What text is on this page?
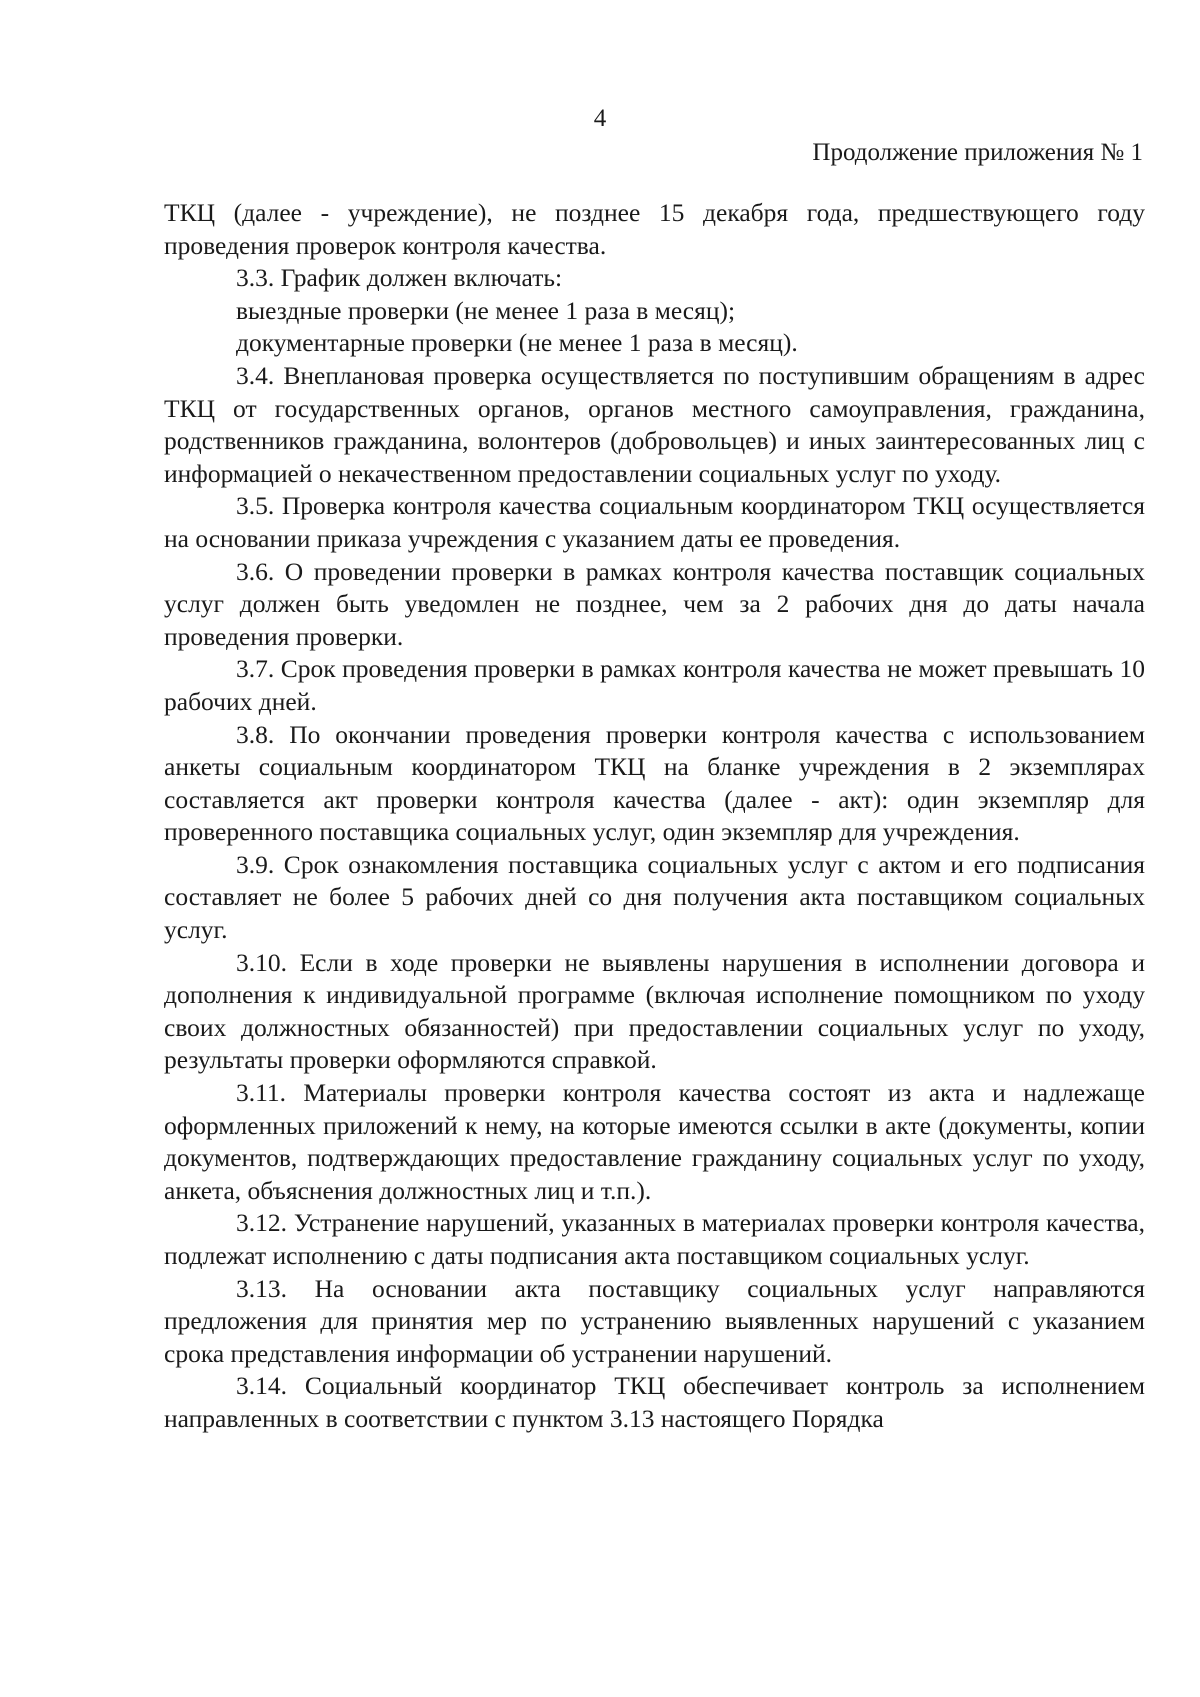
4
Продолжение приложения № 1

ТКЦ (далее - учреждение), не позднее 15 декабря года, предшествующего году проведения проверок контроля качества.

3.3. График должен включать:

выездные проверки (не менее 1 раза в месяц);

документарные проверки (не менее 1 раза в месяц).

3.4. Внеплановая проверка осуществляется по поступившим обращениям в адрес ТКЦ от государственных органов, органов местного самоуправления, гражданина, родственников гражданина, волонтеров (добровольцев) и иных заинтересованных лиц с информацией о некачественном предоставлении социальных услуг по уходу.

3.5. Проверка контроля качества социальным координатором ТКЦ осуществляется на основании приказа учреждения с указанием даты ее проведения.

3.6. О проведении проверки в рамках контроля качества поставщик социальных услуг должен быть уведомлен не позднее, чем за 2 рабочих дня до даты начала проведения проверки.

3.7. Срок проведения проверки в рамках контроля качества не может превышать 10 рабочих дней.

3.8. По окончании проведения проверки контроля качества с использованием анкеты социальным координатором ТКЦ на бланке учреждения в 2 экземплярах составляется акт проверки контроля качества (далее - акт): один экземпляр для проверенного поставщика социальных услуг, один экземпляр для учреждения.

3.9. Срок ознакомления поставщика социальных услуг с актом и его подписания составляет не более 5 рабочих дней со дня получения акта поставщиком социальных услуг.

3.10. Если в ходе проверки не выявлены нарушения в исполнении договора и дополнения к индивидуальной программе (включая исполнение помощником по уходу своих должностных обязанностей) при предоставлении социальных услуг по уходу, результаты проверки оформляются справкой.

3.11. Материалы проверки контроля качества состоят из акта и надлежаще оформленных приложений к нему, на которые имеются ссылки в акте (документы, копии документов, подтверждающих предоставление гражданину социальных услуг по уходу, анкета, объяснения должностных лиц и т.п.).

3.12. Устранение нарушений, указанных в материалах проверки контроля качества, подлежат исполнению с даты подписания акта поставщиком социальных услуг.

3.13. На основании акта поставщику социальных услуг направляются предложения для принятия мер по устранению выявленных нарушений с указанием срока представления информации об устранении нарушений.

3.14. Социальный координатор ТКЦ обеспечивает контроль за исполнением направленных в соответствии с пунктом 3.13 настоящего Порядка
